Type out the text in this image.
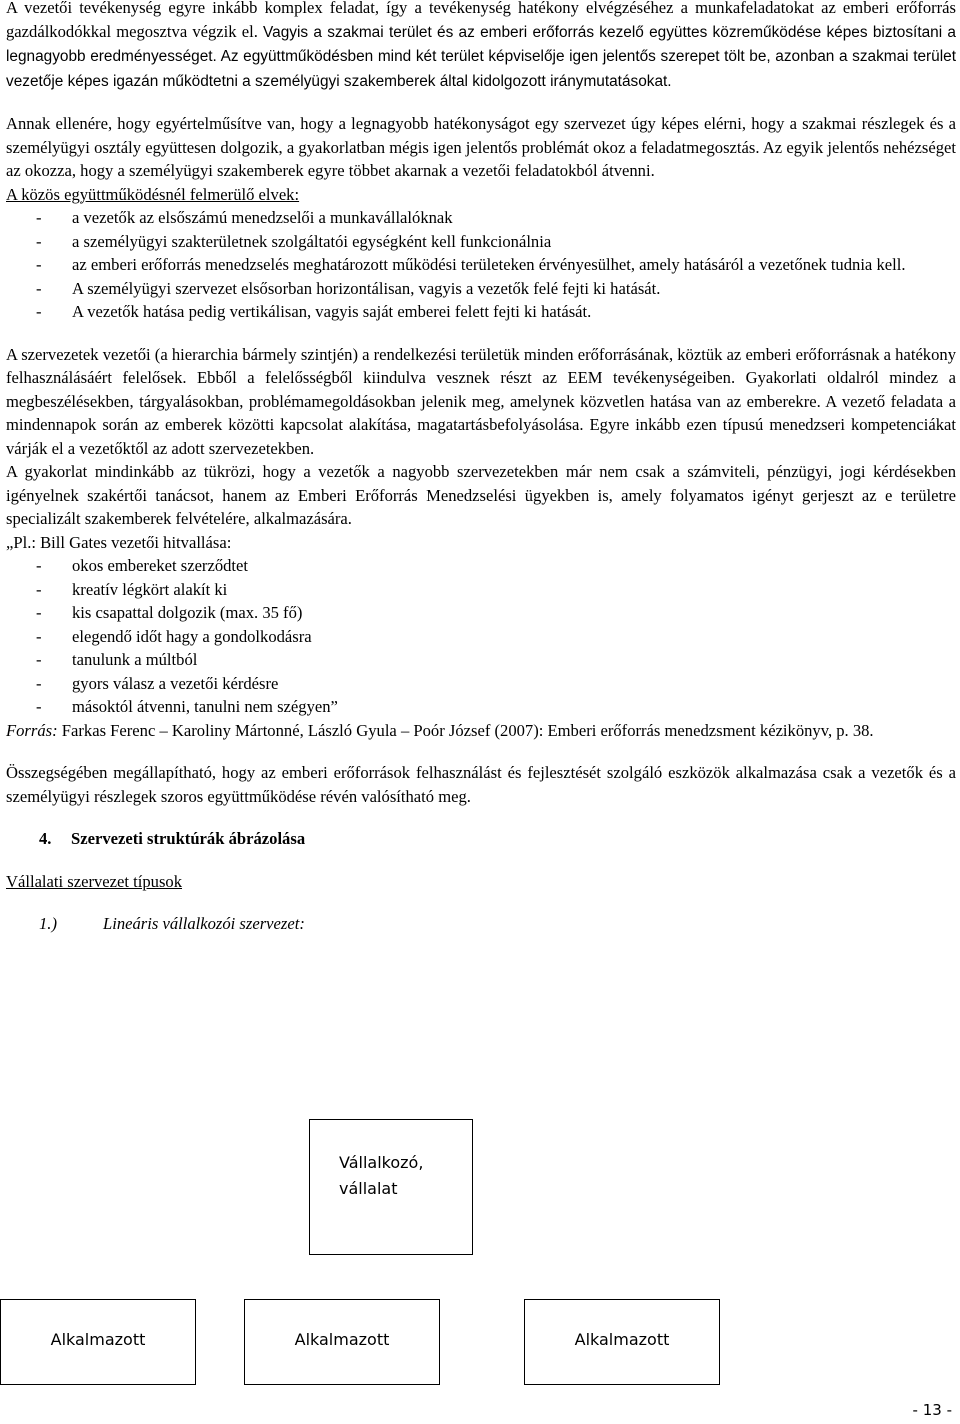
A vezetői tevékenység egyre inkább komplex feladat, így a tevékenység hatékony elvégzéséhez a munkafeladatokat az emberi erőforrás gazdálkodókkal megosztva végzik el. Vagyis a szakmai terület és az emberi erőforrás kezelő együttes közreműködése képes biztosítani a legnagyobb eredményességet. Az együttműködésben mind két terület képviselője igen jelentős szerepet tölt be, azonban a szakmai terület vezetője képes igazán működtetni a személyügyi szakemberek által kidolgozott iránymutatásokat.

Annak ellenére, hogy egyértelműsítve van, hogy a legnagyobb hatékonyságot egy szervezet úgy képes elérni, hogy a szakmai részlegek és a személyügyi osztály együttesen dolgozik, a gyakorlatban mégis igen jelentős problémát okoz a feladatmegosztás. Az egyik jelentős nehézséget az okozza, hogy a személyügyi szakemberek egyre többet akarnak a vezetői feladatokból átvenni.

A közös együttműködésnél felmerülő elvek:

- a vezetők az elsőszámú menedzselői a munkavállalóknak
- a személyügyi szakterületnek szolgáltatói egységként kell funkcionálnia
- az emberi erőforrás menedzselés meghatározott működési területeken érvényesülhet, amely hatásáról a vezetőnek tudnia kell.
- A személyügyi szervezet elsősorban horizontálisan, vagyis a vezetők felé fejti ki hatását.
- A vezetők hatása pedig vertikálisan, vagyis saját emberei felett fejti ki hatását.

A szervezetek vezetői (a hierarchia bármely szintjén) a rendelkezési területük minden erőforrásának, köztük az emberi erőforrásnak a hatékony felhasználásáért felelősek. Ebből a felelősségből kiindulva vesznek részt az EEM tevékenységeiben. Gyakorlati oldalról mindez a megbeszélésekben, tárgyalásokban, problémamegoldásokban jelenik meg, amelynek közvetlen hatása van az emberekre. A vezető feladata a mindennapok során az emberek közötti kapcsolat alakítása, magatartásbefolyásolása. Egyre inkább ezen típusú menedzseri kompetenciákat várják el a vezetőktől az adott szervezetekben.

A gyakorlat mindinkább az tükrözi, hogy a vezetők a nagyobb szervezetekben már nem csak a számviteli, pénzügyi, jogi kérdésekben igényelnek szakértői tanácsot, hanem az Emberi Erőforrás Menedzselési ügyekben is, amely folyamatos igényt gerjeszt az e területre specializált szakemberek felvételére, alkalmazására.

„Pl.: Bill Gates vezetői hitvallása:

- okos embereket szerződtet
- kreatív légkört alakít ki
- kis csapattal dolgozik (max. 35 fő)
- elegendő időt hagy a gondolkodásra
- tanulunk a múltból
- gyors válasz a vezetői kérdésre
- másoktól átvenni, tanulni nem szégyen”

Forrás: Farkas Ferenc – Karoliny Mártonné, László Gyula – Poór József (2007): Emberi erőforrás menedzsment kézikönyv, p. 38.

Összegségében megállapítható, hogy az emberi erőforrások felhasználást és fejlesztését szolgáló eszközök alkalmazása csak a vezetők és a személyügyi részlegek szoros együttműködése révén valósítható meg.

4. Szervezeti struktúrák ábrázolása

Vállalati szervezet típusok

1.)	Lineáris vállalkozói szervezet:
Vállalkozó,
vállalat
Alkalmazott	Alkalmazott	Alkalmazott
- 13 -
